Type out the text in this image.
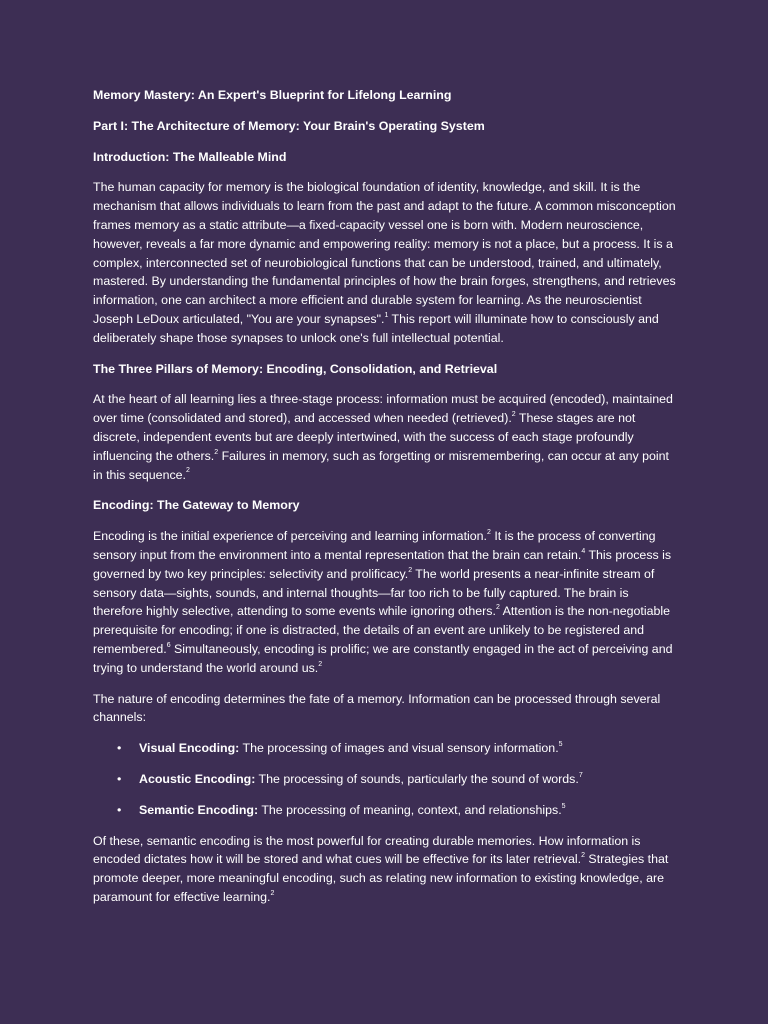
Memory Mastery: An Expert's Blueprint for Lifelong Learning
Part I: The Architecture of Memory: Your Brain's Operating System
Introduction: The Malleable Mind

The human capacity for memory is the biological foundation of identity, knowledge, and skill. It is the mechanism that allows individuals to learn from the past and adapt to the future. A common misconception frames memory as a static attribute—a fixed-capacity vessel one is born with. Modern neuroscience, however, reveals a far more dynamic and empowering reality: memory is not a place, but a process. It is a complex, interconnected set of neurobiological functions that can be understood, trained, and ultimately, mastered. By understanding the fundamental principles of how the brain forges, strengthens, and retrieves information, one can architect a more efficient and durable system for learning. As the neuroscientist Joseph LeDoux articulated, "You are your synapses".$^1$ This report will illuminate how to consciously and deliberately shape those synapses to unlock one's full intellectual potential.

The Three Pillars of Memory: Encoding, Consolidation, and Retrieval

At the heart of all learning lies a three-stage process: information must be acquired (encoded), maintained over time (consolidated and stored), and accessed when needed (retrieved).$^2$ These stages are not discrete, independent events but are deeply intertwined, with the success of each stage profoundly influencing the others.$^2$ Failures in memory, such as forgetting or misremembering, can occur at any point in this sequence.$^2$

Encoding: The Gateway to Memory

Encoding is the initial experience of perceiving and learning information.$^2$ It is the process of converting sensory input from the environment into a mental representation that the brain can retain.$^4$ This process is governed by two key principles: selectivity and prolificacy.$^2$ The world presents a near-infinite stream of sensory data—sights, sounds, and internal thoughts—far too rich to be fully captured. The brain is therefore highly selective, attending to some events while ignoring others.$^2$ Attention is the non-negotiable prerequisite for encoding; if one is distracted, the details of an event are unlikely to be registered and remembered.$^6$ Simultaneously, encoding is prolific; we are constantly engaged in the act of perceiving and trying to understand the world around us.$^2$

The nature of encoding determines the fate of a memory. Information can be processed through several channels:

• Visual Encoding: The processing of images and visual sensory information.$^5$
• Acoustic Encoding: The processing of sounds, particularly the sound of words.$^7$
• Semantic Encoding: The processing of meaning, context, and relationships.$^5$

Of these, semantic encoding is the most powerful for creating durable memories. How information is encoded dictates how it will be stored and what cues will be effective for its later retrieval.$^2$ Strategies that promote deeper, more meaningful encoding, such as relating new information to existing knowledge, are paramount for effective learning.$^2$
